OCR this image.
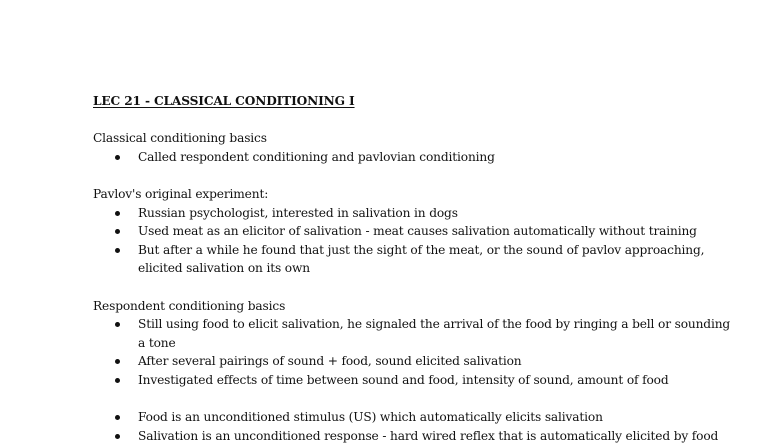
LEC 21 - CLASSICAL CONDITIONING I

Classical conditioning basics

Called respondent conditioning and pavlovian conditioning

Pavlov's original experiment:

Russian psychologist, interested in salivation in dogs
Used meat as an elicitor of salivation - meat causes salivation automatically without training
But after a while he found that just the sight of the meat, or the sound of pavlov approaching, elicited salivation on its own

Respondent conditioning basics

Still using food to elicit salivation, he signaled the arrival of the food by ringing a bell or sounding a tone
After several pairings of sound + food, sound elicited salivation
Investigated effects of time between sound and food, intensity of sound, amount of food
Food is an unconditioned stimulus (US) which automatically elicits salivation
Salivation is an unconditioned response - hard wired reflex that is automatically elicited by food
